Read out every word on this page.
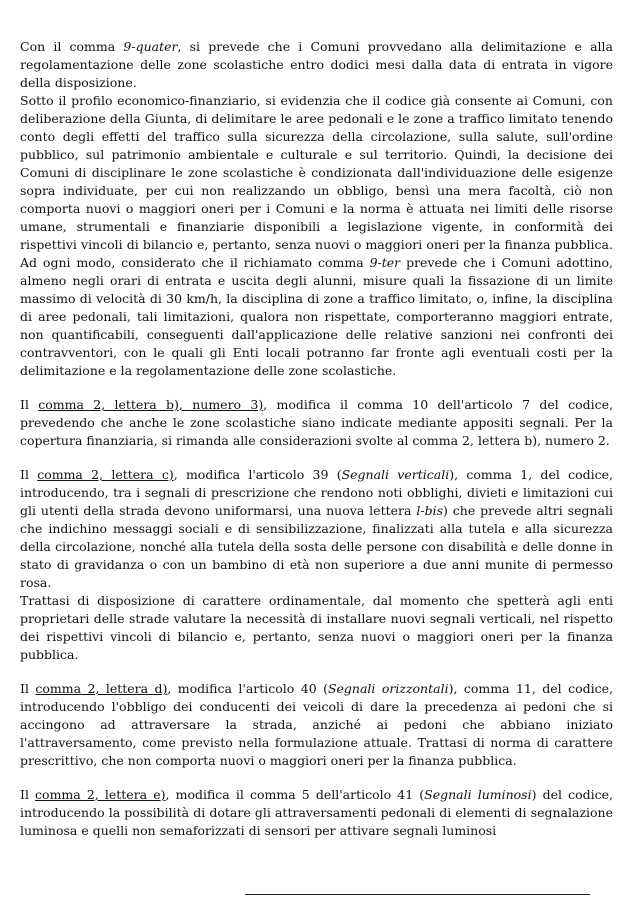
Con il comma 9-quater, si prevede che i Comuni provvedano alla delimitazione e alla regolamentazione delle zone scolastiche entro dodici mesi dalla data di entrata in vigore della disposizione.

Sotto il profilo economico-finanziario, si evidenzia che il codice già consente ai Comuni, con deliberazione della Giunta, di delimitare le aree pedonali e le zone a traffico limitato tenendo conto degli effetti del traffico sulla sicurezza della circolazione, sulla salute, sull'ordine pubblico, sul patrimonio ambientale e culturale e sul territorio. Quindi, la decisione dei Comuni di disciplinare le zone scolastiche è condizionata dall'individuazione delle esigenze sopra individuate, per cui non realizzando un obbligo, bensì una mera facoltà, ciò non comporta nuovi o maggiori oneri per i Comuni e la norma è attuata nei limiti delle risorse umane, strumentali e finanziarie disponibili a legislazione vigente, in conformità dei rispettivi vincoli di bilancio e, pertanto, senza nuovi o maggiori oneri per la finanza pubblica. Ad ogni modo, considerato che il richiamato comma 9-ter prevede che i Comuni adottino, almeno negli orari di entrata e uscita degli alunni, misure quali la fissazione di un limite massimo di velocità di 30 km/h, la disciplina di zone a traffico limitato, o, infine, la disciplina di aree pedonali, tali limitazioni, qualora non rispettate, comporteranno maggiori entrate, non quantificabili, conseguenti dall'applicazione delle relative sanzioni nei confronti dei contravventori, con le quali gli Enti locali potranno far fronte agli eventuali costi per la delimitazione e la regolamentazione delle zone scolastiche.

Il comma 2, lettera b), numero 3), modifica il comma 10 dell'articolo 7 del codice, prevedendo che anche le zone scolastiche siano indicate mediante appositi segnali. Per la copertura finanziaria, si rimanda alle considerazioni svolte al comma 2, lettera b), numero 2.

Il comma 2, lettera c), modifica l'articolo 39 (Segnali verticali), comma 1, del codice, introducendo, tra i segnali di prescrizione che rendono noti obblighi, divieti e limitazioni cui gli utenti della strada devono uniformarsi, una nuova lettera l-bis) che prevede altri segnali che indichino messaggi sociali e di sensibilizzazione, finalizzati alla tutela e alla sicurezza della circolazione, nonché alla tutela della sosta delle persone con disabilità e delle donne in stato di gravidanza o con un bambino di età non superiore a due anni munite di permesso rosa.

Trattasi di disposizione di carattere ordinamentale, dal momento che spetterà agli enti proprietari delle strade valutare la necessità di installare nuovi segnali verticali, nel rispetto dei rispettivi vincoli di bilancio e, pertanto, senza nuovi o maggiori oneri per la finanza pubblica.

Il comma 2, lettera d), modifica l'articolo 40 (Segnali orizzontali), comma 11, del codice, introducendo l'obbligo dei conducenti dei veicoli di dare la precedenza ai pedoni che si accingono ad attraversare la strada, anziché ai pedoni che abbiano iniziato l'attraversamento, come previsto nella formulazione attuale. Trattasi di norma di carattere prescrittivo, che non comporta nuovi o maggiori oneri per la finanza pubblica.

Il comma 2, lettera e), modifica il comma 5 dell'articolo 41 (Segnali luminosi) del codice, introducendo la possibilità di dotare gli attraversamenti pedonali di elementi di segnalazione luminosa e quelli non semaforizzati di sensori per attivare segnali luminosi
